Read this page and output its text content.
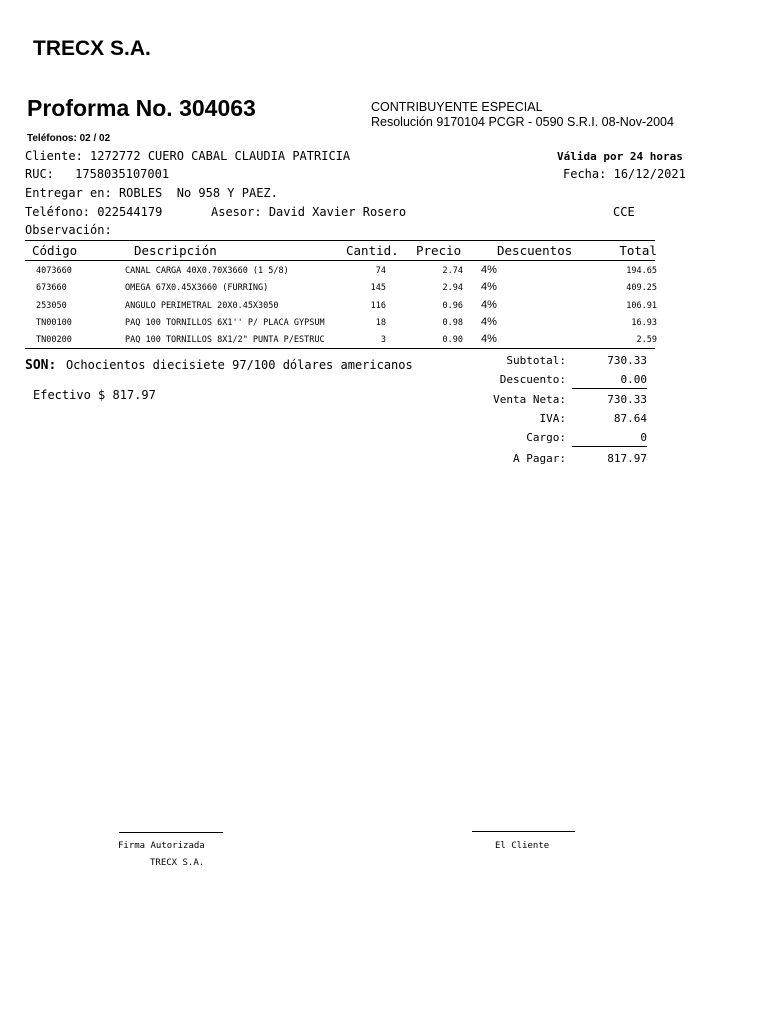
TRECX S.A.
Proforma No. 304063	CONTRIBUYENTE ESPECIAL
Resolución 9170104 PCGR - 0590 S.R.I. 08-Nov-2004
Teléfonos: 02 / 02
Cliente: 1272772 CUERO CABAL CLAUDIA PATRICIA	Válida por 24 horas
RUC: 1758035107001	Fecha: 16/12/2021
Entregar en: ROBLES  No 958 Y PAEZ.
Teléfono: 022544179	Asesor: David Xavier Rosero	CCE
Observación:
Código	Descripción	Cantid. Precio	Descuentos	Total
4073660	CANAL CARGA 40X0.70X3660 (1 5/8)	74	2.74 4%	194.65
673660	OMEGA 67X0.45X3660 (FURRING)	145	2.94 4%	409.25
253050	ANGULO PERIMETRAL 20X0.45X3050	116	0.96 4%	106.91
TN00100	PAQ 100 TORNILLOS 6X1'' P/ PLACA GYPSUM	18	0.98 4%	16.93
TN00200	PAQ 100 TORNILLOS 8X1/2" PUNTA P/ESTRUC	3	0.90 4%	2.59
SON: Ochocientos diecisiete 97/100 dólares americanos
Efectivo $ 817.97
Subtotal:	730.33
Descuento:	0.00
Venta Neta:	730.33
IVA:	87.64
Cargo:	0
A Pagar:	817.97
Firma Autorizada
TRECX S.A.
El Cliente
